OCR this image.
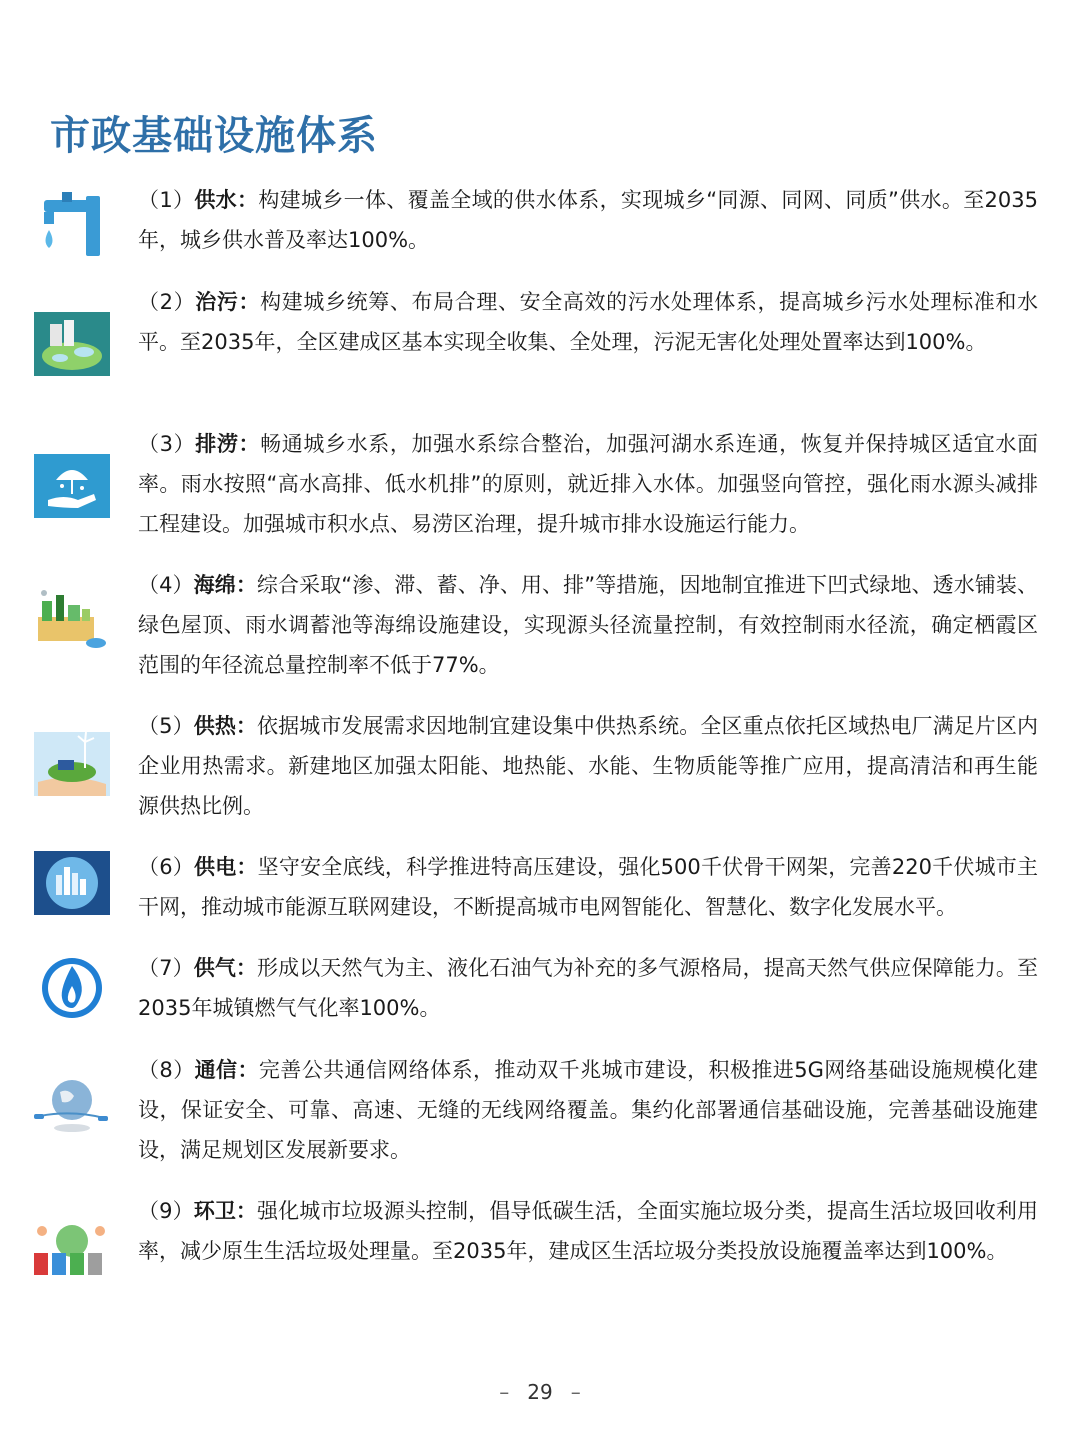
市政基础设施体系

（1）供水：构建城乡一体、覆盖全域的供水体系，实现城乡“同源、同网、同质”供水。至2035年，城乡供水普及率达100%。

（2）治污：构建城乡统筹、布局合理、安全高效的污水处理体系，提高城乡污水处理标准和水平。至2035年，全区建成区基本实现全收集、全处理，污泥无害化处理处置率达到100%。

（3）排涝：畅通城乡水系，加强水系综合整治，加强河湖水系连通，恢复并保持城区适宜水面率。雨水按照“高水高排、低水机排”的原则，就近排入水体。加强竖向管控，强化雨水源头减排工程建设。加强城市积水点、易涝区治理，提升城市排水设施运行能力。

（4）海绵：综合采取“渗、滞、蓄、净、用、排”等措施，因地制宜推进下凹式绿地、透水铺装、绿色屋顶、雨水调蓄池等海绵设施建设，实现源头径流量控制，有效控制雨水径流，确定栖霞区范围的年径流总量控制率不低于77%。

（5）供热：依据城市发展需求因地制宜建设集中供热系统。全区重点依托区域热电厂满足片区内企业用热需求。新建地区加强太阳能、地热能、水能、生物质能等推广应用，提高清洁和再生能源供热比例。

（6）供电：坚守安全底线，科学推进特高压建设，强化500千伏骨干网架，完善220千伏城市主干网，推动城市能源互联网建设，不断提高城市电网智能化、智慧化、数字化发展水平。

（7）供气：形成以天然气为主、液化石油气为补充的多气源格局，提高天然气供应保障能力。至2035年城镇燃气气化率100%。

（8）通信：完善公共通信网络体系，推动双千兆城市建设，积极推进5G网络基础设施规模化建设，保证安全、可靠、高速、无缝的无线网络覆盖。集约化部署通信基础设施，完善基础设施建设，满足规划区发展新要求。

（9）环卫：强化城市垃圾源头控制，倡导低碳生活，全面实施垃圾分类，提高生活垃圾回收利用率，减少原生生活垃圾处理量。至2035年，建成区生活垃圾分类投放设施覆盖率达到100%。

– 29 –
